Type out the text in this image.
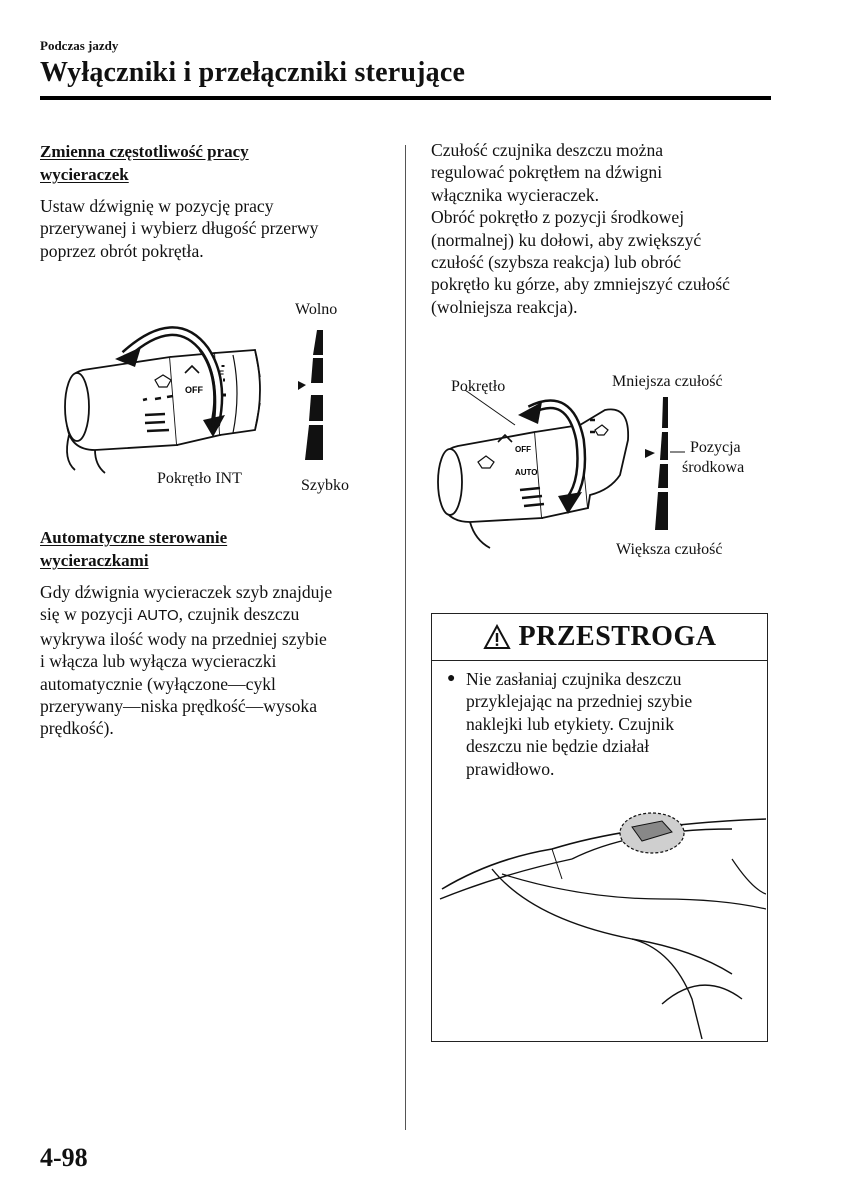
Podczas jazdy
Wyłączniki i przełączniki sterujące
Zmienna częstotliwość pracy
wycieraczek
Ustaw dźwignię w pozycję pracy
przerywanej i wybierz długość przerwy
poprzez obrót pokrętła.
OFF
FF
Wolno
Pokrętło INT	Szybko
Automatyczne sterowanie
wycieraczkami
Gdy dźwignia wycieraczek szyb znajduje
się w pozycji AUTO, czujnik deszczu
wykrywa ilość wody na przedniej szybie
i włącza lub wyłącza wycieraczki
automatycznie (wyłączone—cykl
przerywany—niska prędkość—wysoka
prędkość).
Czułość czujnika deszczu można
regulować pokrętłem na dźwigni
włącznika wycieraczek.
Obróć pokrętło z pozycji środkowej
(normalnej) ku dołowi, aby zwiększyć
czułość (szybsza reakcja) lub obróć
pokrętło ku górze, aby zmniejszyć czułość
(wolniejsza reakcja).
OFF
AUTO
Pokrętło	Mniejsza czułość
Pozycja
środkowa
Większa czułość
PRZESTROGA
● Nie zasłaniaj czujnika deszczu
przyklejając na przedniej szybie
naklejki lub etykiety. Czujnik
deszczu nie będzie działał
prawidłowo.
4-98
